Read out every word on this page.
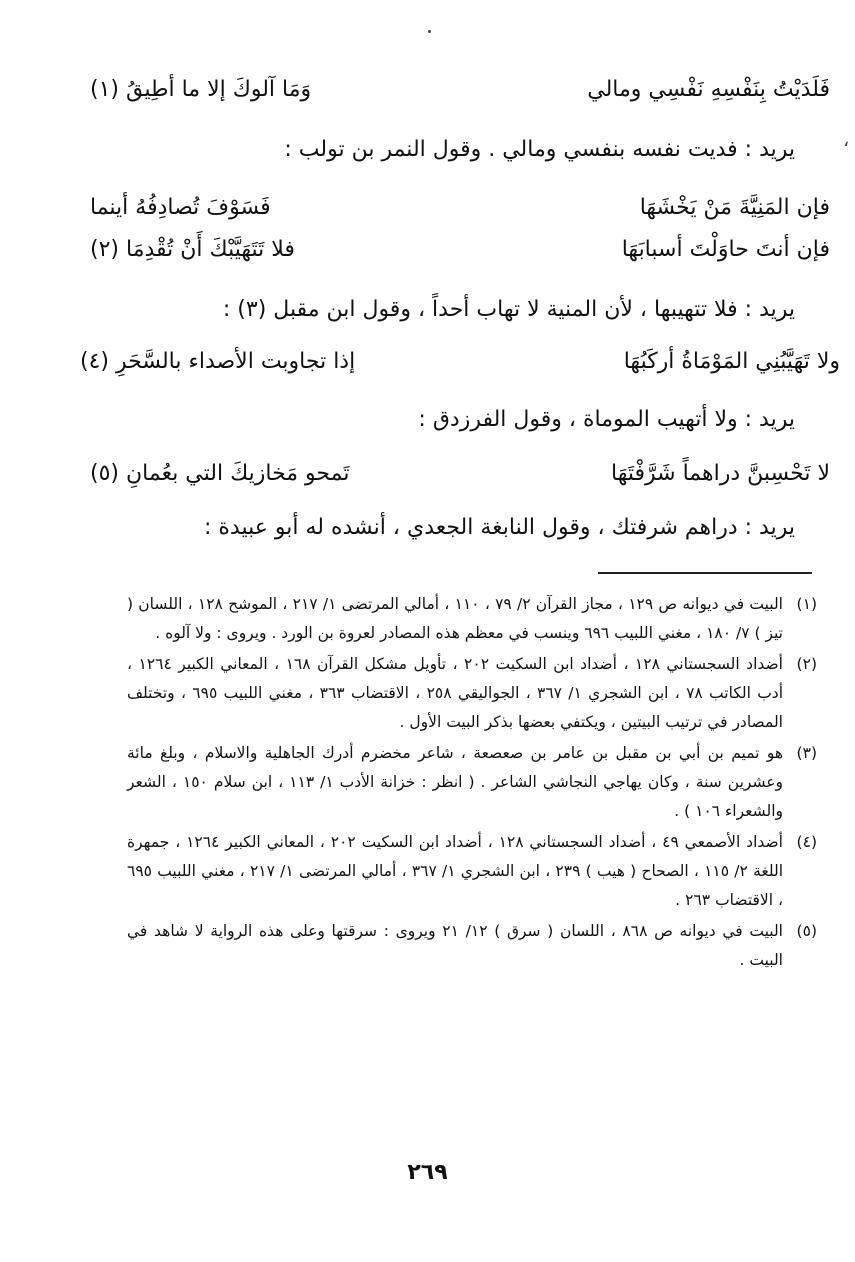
،
فَلَدَيْتُ بِنَفْسِهِ نَفْسِي ومالي
وَمَا آلوكَ إلا ما أطِيقُ (١)
يريد : فديت نفسه بنفسي ومالي . وقول النمر بن تولب :
فإن المَنِيَّةَ مَنْ يَخْشَهَا
فَسَوْفَ تُصادِفُهُ أينما
فإن أنتَ حاوَلْتَ أسبابَهَا
فلا تَتَهَيَّبْكَ أَنْ تُقْدِمَا (٢)
يريد : فلا تتهيبها ، لأن المنية لا تهاب أحداً ، وقول ابن مقبل (٣) :
ولا تَهَيَّبُنِي المَوْمَاةُ أركَبُهَا
إذا تجاوبت الأصداء بالسَّحَرِ (٤)
يريد : ولا أتهيب الموماة ، وقول الفرزدق :
لا تَحْسِبنَّ دراهماً شَرَّفْتَهَا
تَمحو مَخازيكَ التي بعُمانِ (٥)
يريد : دراهم شرفتك ، وقول النابغة الجعدي ، أنشده له أبو عبيدة :
(١)

البيت في ديوانه ص ١٢٩ ، مجاز القرآن ٢/ ٧٩ ، ١١٠ ، أمالي المرتضى ١/ ٢١٧ ، الموشح ١٢٨ ، اللسان ( تيز ) ٧/ ١٨٠ ، مغني اللبيب ٦٩٦ وينسب في معظم هذه المصادر لعروة بن الورد . ويروى : ولا آلوه .

(٢)

أضداد السجستاني ١٢٨ ، أضداد ابن السكيت ٢٠٢ ، تأويل مشكل القرآن ١٦٨ ، المعاني الكبير ١٢٦٤ ، أدب الكاتب ٧٨ ، ابن الشجري ١/ ٣٦٧ ، الجواليقي ٢٥٨ ، الاقتضاب ٣٦٣ ، مغني اللبيب ٦٩٥ ، وتختلف المصادر في ترتيب البيتين ، ويكتفي بعضها بذكر البيت الأول .

(٣)

هو تميم بن أبي بن مقبل بن عامر بن صعصعة ، شاعر مخضرم أدرك الجاهلية والاسلام ، وبلغ مائة وعشرين سنة ، وكان يهاجي النجاشي الشاعر . ( انظر : خزانة الأدب ١/ ١١٣ ، ابن سلام ١٥٠ ، الشعر والشعراء ١٠٦ ) .

(٤)

أضداد الأصمعي ٤٩ ، أضداد السجستاني ١٢٨ ، أضداد ابن السكيت ٢٠٢ ، المعاني الكبير ١٢٦٤ ، جمهرة اللغة ٢/ ١١٥ ، الصحاح ( هيب ) ٢٣٩ ، ابن الشجري ١/ ٣٦٧ ، أمالي المرتضى ١/ ٢١٧ ، مغني اللبيب ٦٩٥ ، الاقتضاب ٢٦٣ .

(٥)

البيت في ديوانه ص ٨٦٨ ، اللسان ( سرق ) ١٢/ ٢١ ويروى : سرقتها وعلى هذه الرواية لا شاهد في البيت .

٢٦٩
